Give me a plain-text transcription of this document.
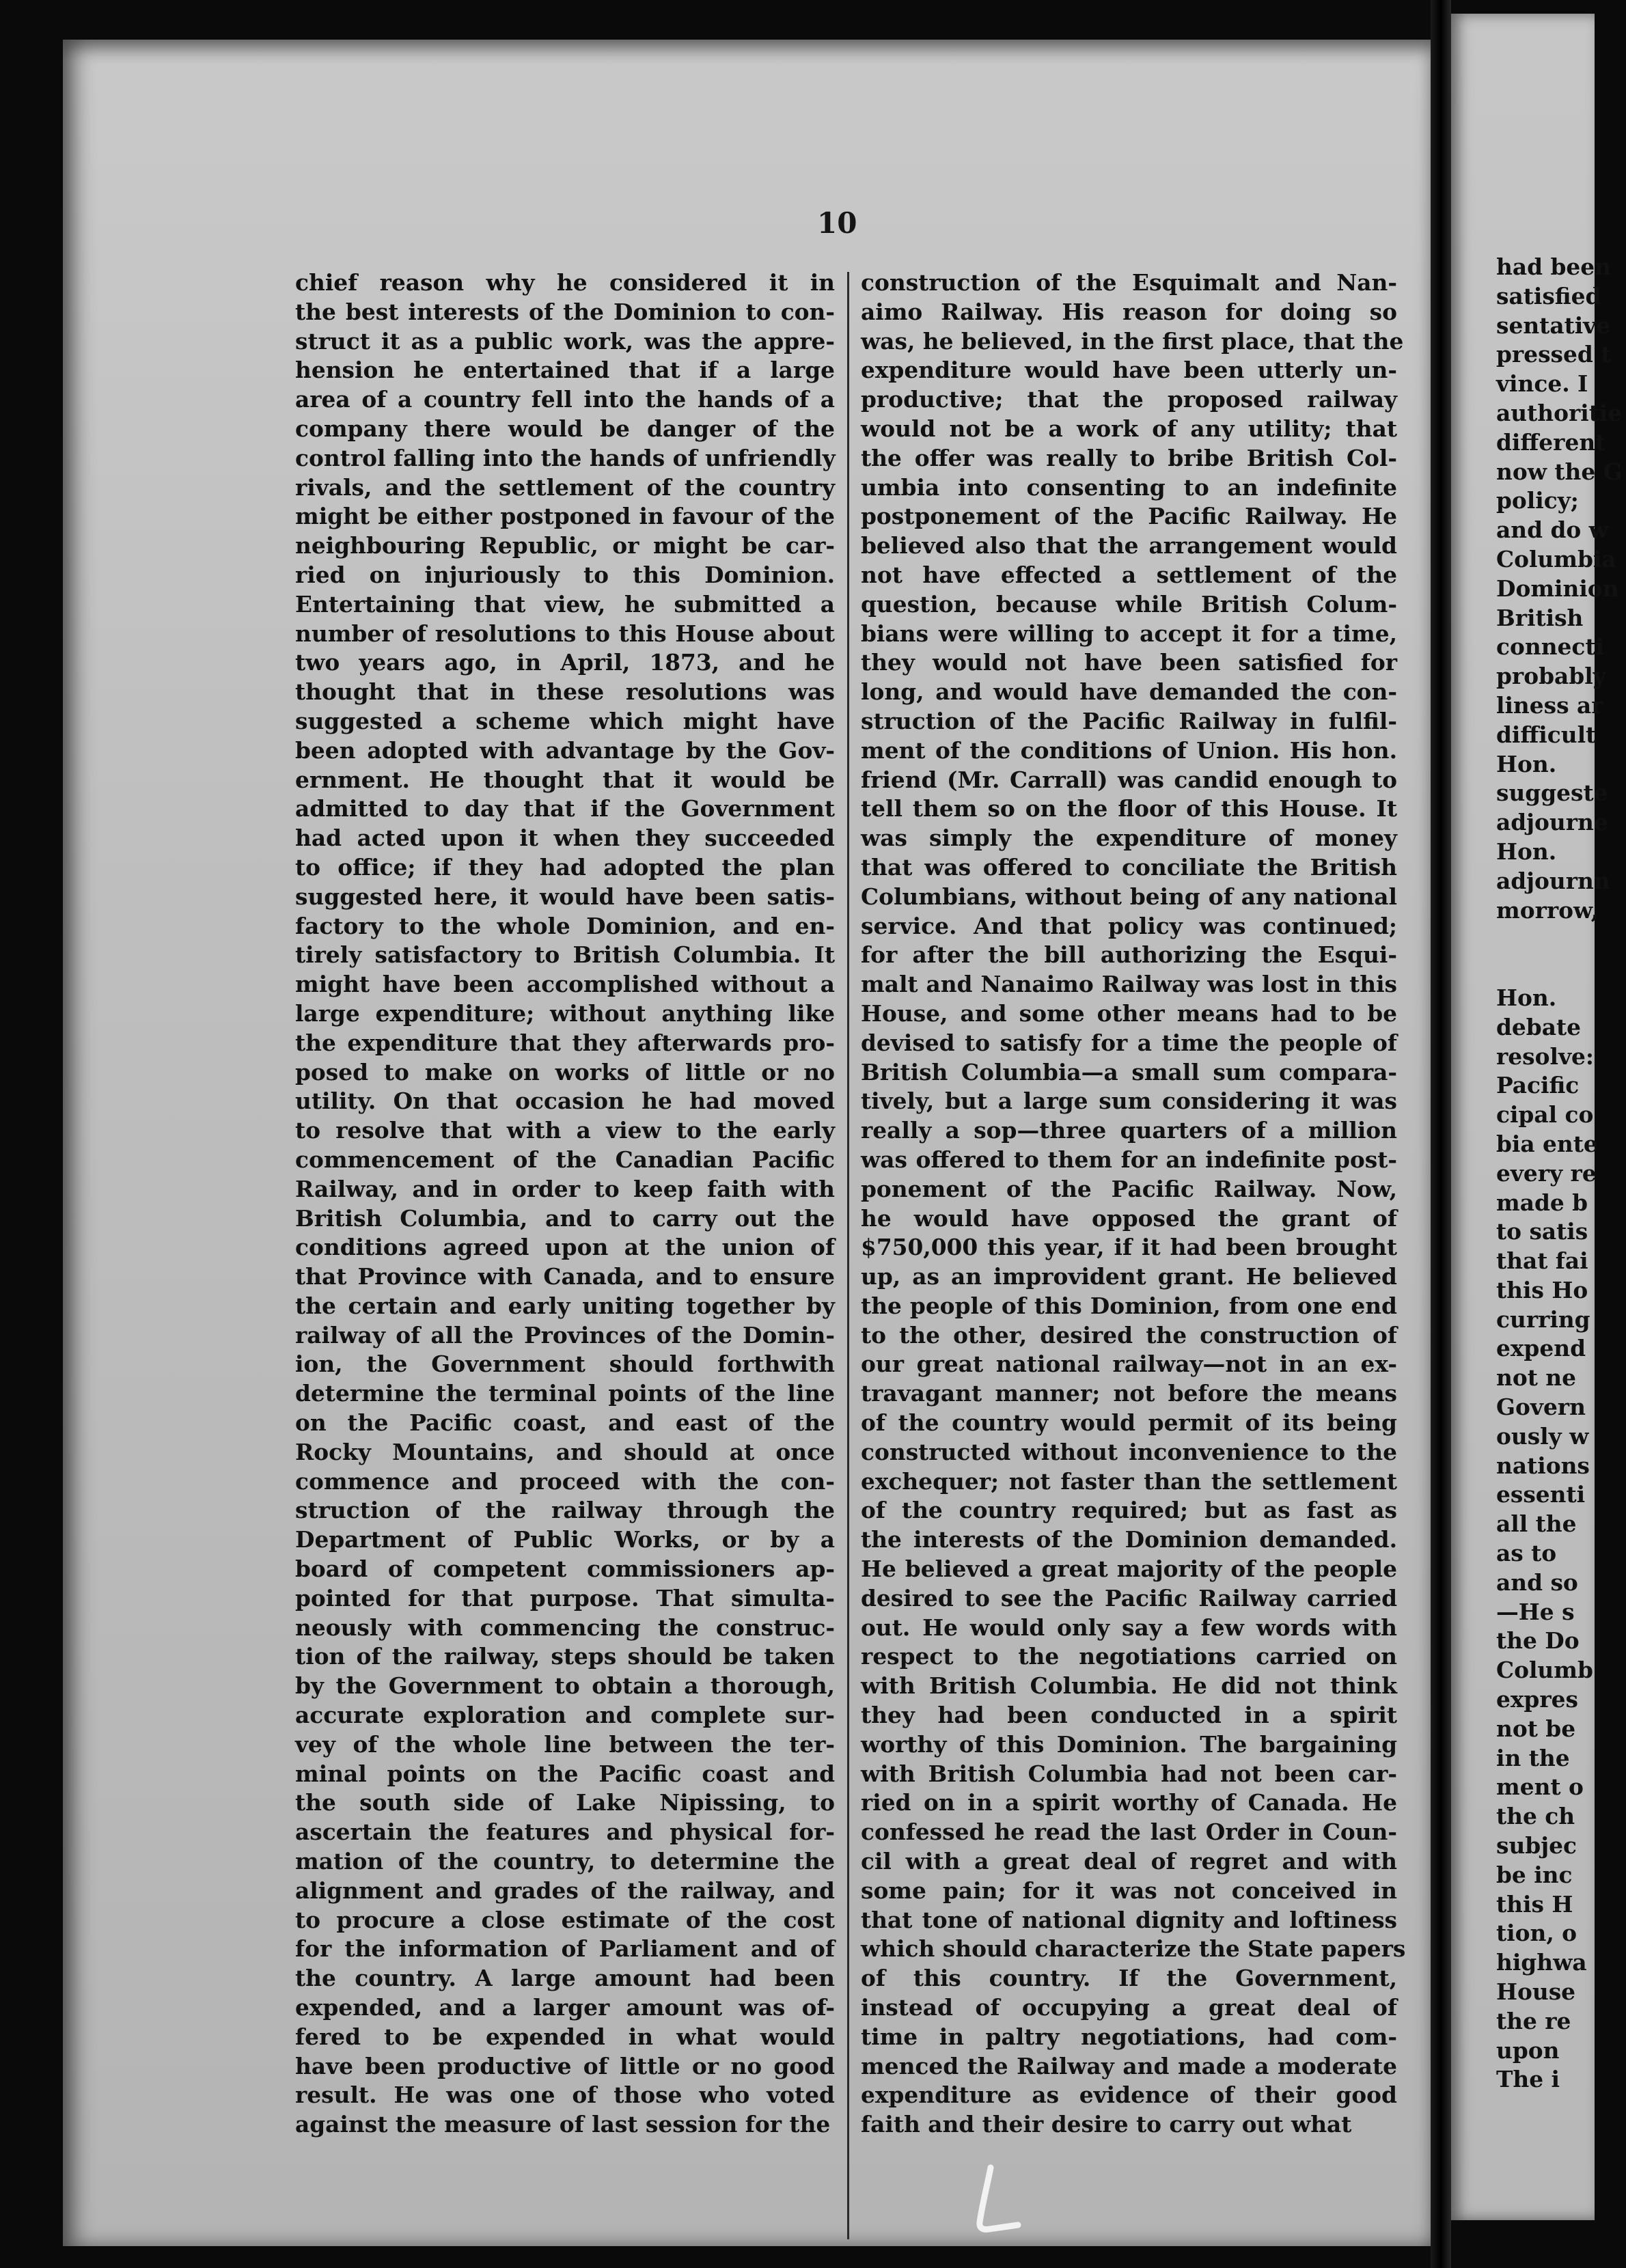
10
chief reason why he considered it in
the best interests of the Dominion to con-
struct it as a public work, was the appre-
hension he entertained that if a large
area of a country fell into the hands of a
company there would be danger of the
control falling into the hands of unfriendly
rivals, and the settlement of the country
might be either postponed in favour of the
neighbouring Republic, or might be car-
ried on injuriously to this Dominion.
Entertaining that view, he submitted a
number of resolutions to this House about
two years ago, in April, 1873, and he
thought that in these resolutions was
suggested a scheme which might have
been adopted with advantage by the Gov-
ernment. He thought that it would be
admitted to day that if the Government
had acted upon it when they succeeded
to office; if they had adopted the plan
suggested here, it would have been satis-
factory to the whole Dominion, and en-
tirely satisfactory to British Columbia. It
might have been accomplished without a
large expenditure; without anything like
the expenditure that they afterwards pro-
posed to make on works of little or no
utility. On that occasion he had moved
to resolve that with a view to the early
commencement of the Canadian Pacific
Railway, and in order to keep faith with
British Columbia, and to carry out the
conditions agreed upon at the union of
that Province with Canada, and to ensure
the certain and early uniting together by
railway of all the Provinces of the Domin-
ion, the Government should forthwith
determine the terminal points of the line
on the Pacific coast, and east of the
Rocky Mountains, and should at once
commence and proceed with the con-
struction of the railway through the
Department of Public Works, or by a
board of competent commissioners ap-
pointed for that purpose. That simulta-
neously with commencing the construc-
tion of the railway, steps should be taken
by the Government to obtain a thorough,
accurate exploration and complete sur-
vey of the whole line between the ter-
minal points on the Pacific coast and
the south side of Lake Nipissing, to
ascertain the features and physical for-
mation of the country, to determine the
alignment and grades of the railway, and
to procure a close estimate of the cost
for the information of Parliament and of
the country. A large amount had been
expended, and a larger amount was of-
fered to be expended in what would
have been productive of little or no good
result. He was one of those who voted
against the measure of last session for the
construction of the Esquimalt and Nan-
aimo Railway. His reason for doing so
was, he believed, in the first place, that the
expenditure would have been utterly un-
productive; that the proposed railway
would not be a work of any utility; that
the offer was really to bribe British Col-
umbia into consenting to an indefinite
postponement of the Pacific Railway. He
believed also that the arrangement would
not have effected a settlement of the
question, because while British Colum-
bians were willing to accept it for a time,
they would not have been satisfied for
long, and would have demanded the con-
struction of the Pacific Railway in fulfil-
ment of the conditions of Union. His hon.
friend (Mr. Carrall) was candid enough to
tell them so on the floor of this House. It
was simply the expenditure of money
that was offered to conciliate the British
Columbians, without being of any national
service. And that policy was continued;
for after the bill authorizing the Esqui-
malt and Nanaimo Railway was lost in this
House, and some other means had to be
devised to satisfy for a time the people of
British Columbia—a small sum compara-
tively, but a large sum considering it was
really a sop—three quarters of a million
was offered to them for an indefinite post-
ponement of the Pacific Railway. Now,
he would have opposed the grant of
$750,000 this year, if it had been brought
up, as an improvident grant. He believed
the people of this Dominion, from one end
to the other, desired the construction of
our great national railway—not in an ex-
travagant manner; not before the means
of the country would permit of its being
constructed without inconvenience to the
exchequer; not faster than the settlement
of the country required; but as fast as
the interests of the Dominion demanded.
He believed a great majority of the people
desired to see the Pacific Railway carried
out. He would only say a few words with
respect to the negotiations carried on
with British Columbia. He did not think
they had been conducted in a spirit
worthy of this Dominion. The bargaining
with British Columbia had not been car-
ried on in a spirit worthy of Canada. He
confessed he read the last Order in Coun-
cil with a great deal of regret and with
some pain; for it was not conceived in
that tone of national dignity and loftiness
which should characterize the State papers
of this country. If the Government,
instead of occupying a great deal of
time in paltry negotiations, had com-
menced the Railway and made a moderate
expenditure as evidence of their good
faith and their desire to carry out what
had been
satisfied
sentative
pressed t
vince. I
authoritie
different
now the G
policy;
and do w
Columbia
Dominion
British
connecti
probably
liness ar
difficult
Hon.
suggeste
adjourne
Hon.
adjournn
morrow,

Hon.
debate
resolve:
Pacific
cipal co
bia ente
every re
made b
to satis
that fai
this Ho
curring
expend
not ne
Govern
ously w
nations
essenti
all the
as to
and so
—He s
the Do
Columb
expres
not be
in the
ment o
the ch
subjec
be inc
this H
tion, o
highwa
House
the re
upon
The i
